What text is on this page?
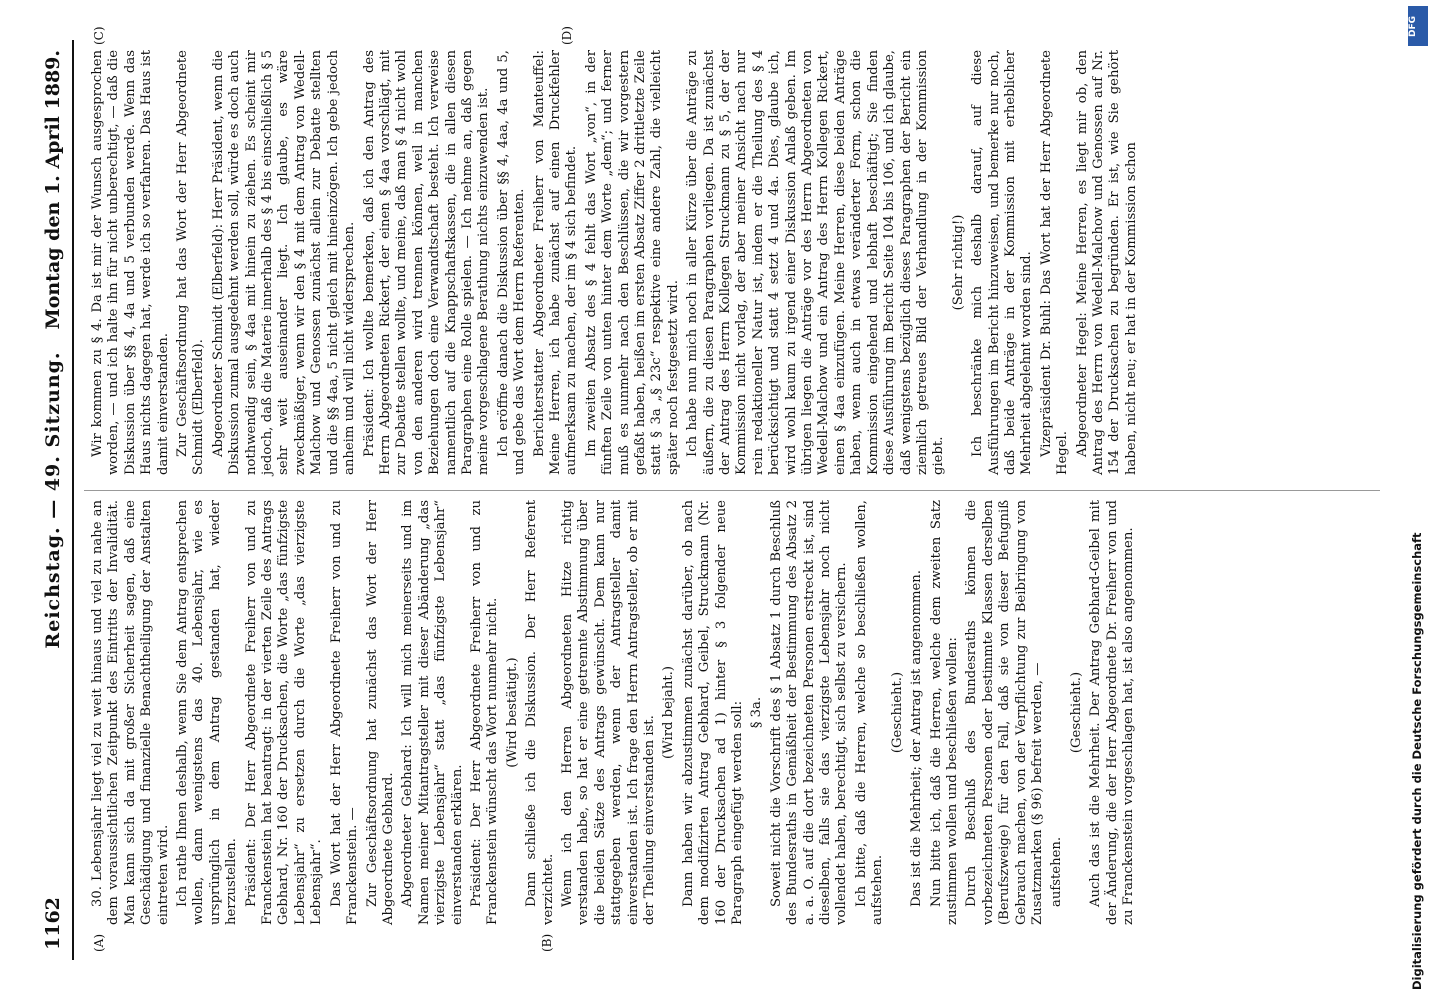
1162
Reichstag. — 49. Sitzung.
Montag den 1. April 1889.
(A)	(B)
(C)	(D)

30. Lebensjahr liegt viel zu weit hinaus und viel zu nahe an dem voraussichtlichen Zeitpunkt des Eintritts der Invalidität. Man kann sich da mit großer Sicherheit sagen, daß eine Geschädigung und finanzielle Benachtheiligung der Anstalten eintreten wird. Ich rathe Ihnen deshalb, wenn Sie dem Antrag entsprechen wollen, dann wenigstens das 40. Lebensjahr, wie es ursprünglich in dem Antrag gestanden hat, wieder herzustellen. Präsident: Der Herr Abgeordnete Freiherr von und zu Franckenstein hat beantragt: in der vierten Zeile des Antrags Gebhard, Nr. 160 der Drucksachen, die Worte „das fünfzigste Lebensjahr“ zu ersetzen durch die Worte „das vierzigste Lebensjahr“. Das Wort hat der Herr Abgeordnete Freiherr von und zu Franckenstein. — Zur Geschäftsordnung hat zunächst das Wort der Herr Abgeordnete Gebhard. Abgeordneter Gebhard: Ich will mich meinerseits und im Namen meiner Mitantragsteller mit dieser Abänderung „das vierzigste Lebensjahr“ statt „das fünfzigste Lebensjahr“ einverstanden erklären. Präsident: Der Herr Abgeordnete Freiherr von und zu Franckenstein wünscht das Wort nunmehr nicht. (Wird bestätigt.) Dann schließe ich die Diskussion. Der Herr Referent verzichtet. Wenn ich den Herren Abgeordneten Hitze richtig verstanden habe, so hat er eine getrennte Abstimmung über die beiden Sätze des Antrags gewünscht. Dem kann nur stattgegeben werden, wenn der Antragsteller damit einverstanden ist. Ich frage den Herrn Antragsteller, ob er mit der Theilung einverstanden ist.

(Wird bejaht.) Dann haben wir abzustimmen zunächst darüber, ob nach dem modifizirten Antrag Gebhard, Geibel, Struckmann (Nr. 160 der Drucksachen ad 1) hinter § 3 folgender neue Paragraph eingefügt werden soll: § 3a. Soweit nicht die Vorschrift des § 1 Absatz 1 durch Beschluß des Bundesraths in Gemäßheit der Bestimmung des Absatz 2 a. a. O. auf die dort bezeichneten Personen erstreckt ist, sind dieselben, falls sie das vierzigste Lebensjahr noch nicht vollendet haben, berechtigt, sich selbst zu versichern. Ich bitte, daß die Herren, welche so beschließen wollen, aufstehen.

(Geschieht.) Das ist die Mehrheit; der Antrag ist angenommen. Nun bitte ich, daß die Herren, welche dem zweiten Satz zustimmen wollen und beschließen wollen: Durch Beschluß des Bundesraths können die vorbezeichneten Personen oder bestimmte Klassen derselben (Berufszweige) für den Fall, daß sie von dieser Befugniß Gebrauch machen, von der Verpflichtung zur Beibringung von Zusatzmarken (§ 96) befreit werden, — aufstehen.

(Geschieht.) Auch das ist die Mehrheit. Der Antrag Gebhard-Geibel mit der Änderung, die der Herr Abgeordnete Dr. Freiherr von und zu Franckenstein vorgeschlagen hat, ist also angenommen.

Wir kommen zu § 4. Da ist mir der Wunsch ausgesprochen worden, — und ich halte ihn für nicht unberechtigt, — daß die Diskussion über §§ 4, 4a und 5 verbunden werde. Wenn das Haus nichts dagegen hat, werde ich so verfahren. Das Haus ist damit einverstanden. Zur Geschäftsordnung hat das Wort der Herr Abgeordnete Schmidt (Elberfeld). Abgeordneter Schmidt (Elberfeld): Herr Präsident, wenn die Diskussion zumal ausgedehnt werden soll, würde es doch auch nothwendig sein, § 4aa mit hinein zu ziehen. Es scheint mir jedoch, daß die Materie innerhalb des § 4 bis einschließlich § 5 sehr weit auseinander liegt. Ich glaube, es wäre zweckmäßiger, wenn wir den § 4 mit dem Antrag von Wedell-Malchow und Genossen zunächst allein zur Debatte stellten und die §§ 4aa, 5 nicht gleich mit hineinzögen. Ich gebe jedoch anheim und will nicht widersprechen. Präsident: Ich wollte bemerken, daß ich den Antrag des Herrn Abgeordneten Rickert, der einen § 4aa vorschlägt, mit zur Debatte stellen wollte, und meine, daß man § 4 nicht wohl von den anderen wird trennen können, weil in manchen Beziehungen doch eine Verwandtschaft besteht. Ich verweise namentlich auf die Knappschaftskassen, die in allen diesen Paragraphen eine Rolle spielen. — Ich nehme an, daß gegen meine vorgeschlagene Berathung nichts einzuwenden ist. Ich eröffne danach die Diskussion über §§ 4, 4aa, 4a und 5, und gebe das Wort dem Herrn Referenten. Berichterstatter Abgeordneter Freiherr von Manteuffel: Meine Herren, ich habe zunächst auf einen Druckfehler aufmerksam zu machen, der im § 4 sich befindet. Im zweiten Absatz des § 4 fehlt das Wort „von“, in der fünften Zeile von unten hinter dem Worte „dem“; und ferner muß es nunmehr nach den Beschlüssen, die wir vorgestern gefaßt haben, heißen im ersten Absatz Ziffer 2 drittletzte Zeile statt § 3a „§ 23c“ respektive eine andere Zahl, die vielleicht später noch festgesetzt wird. Ich habe nun mich noch in aller Kürze über die Anträge zu äußern, die zu diesen Paragraphen vorliegen. Da ist zunächst der Antrag des Herrn Kollegen Struckmann zu § 5, der der Kommission nicht vorlag, der aber meiner Ansicht nach nur rein redaktioneller Natur ist, indem er die Theilung des § 4 berücksichtigt und statt 4 setzt 4 und 4a. Dies, glaube ich, wird wohl kaum zu irgend einer Diskussion Anlaß geben. Im übrigen liegen die Anträge vor des Herrn Abgeordneten von Wedell-Malchow und ein Antrag des Herrn Kollegen Rickert, einen § 4aa einzufügen. Meine Herren, diese beiden Anträge haben, wenn auch in etwas veränderter Form, schon die Kommission eingehend und lebhaft beschäftigt; Sie finden diese Ausführung im Bericht Seite 104 bis 106, und ich glaube, daß wenigstens bezüglich dieses Paragraphen der Bericht ein ziemlich getreues Bild der Verhandlung in der Kommission giebt.

(Sehr richtig!) Ich beschränke mich deshalb darauf, auf diese Ausführungen im Bericht hinzuweisen, und bemerke nur noch, daß beide Anträge in der Kommission mit erheblicher Mehrheit abgelehnt worden sind. Vizepräsident Dr. Buhl: Das Wort hat der Herr Abgeordnete Hegel. Abgeordneter Hegel: Meine Herren, es liegt mir ob, den Antrag des Herrn von Wedell-Malchow und Genossen auf Nr. 154 der Drucksachen zu begründen. Er ist, wie Sie gehört haben, nicht neu; er hat in der Kommission schon

DFG
Digitalisierung gefördert durch die Deutsche Forschungsgemeinschaft
